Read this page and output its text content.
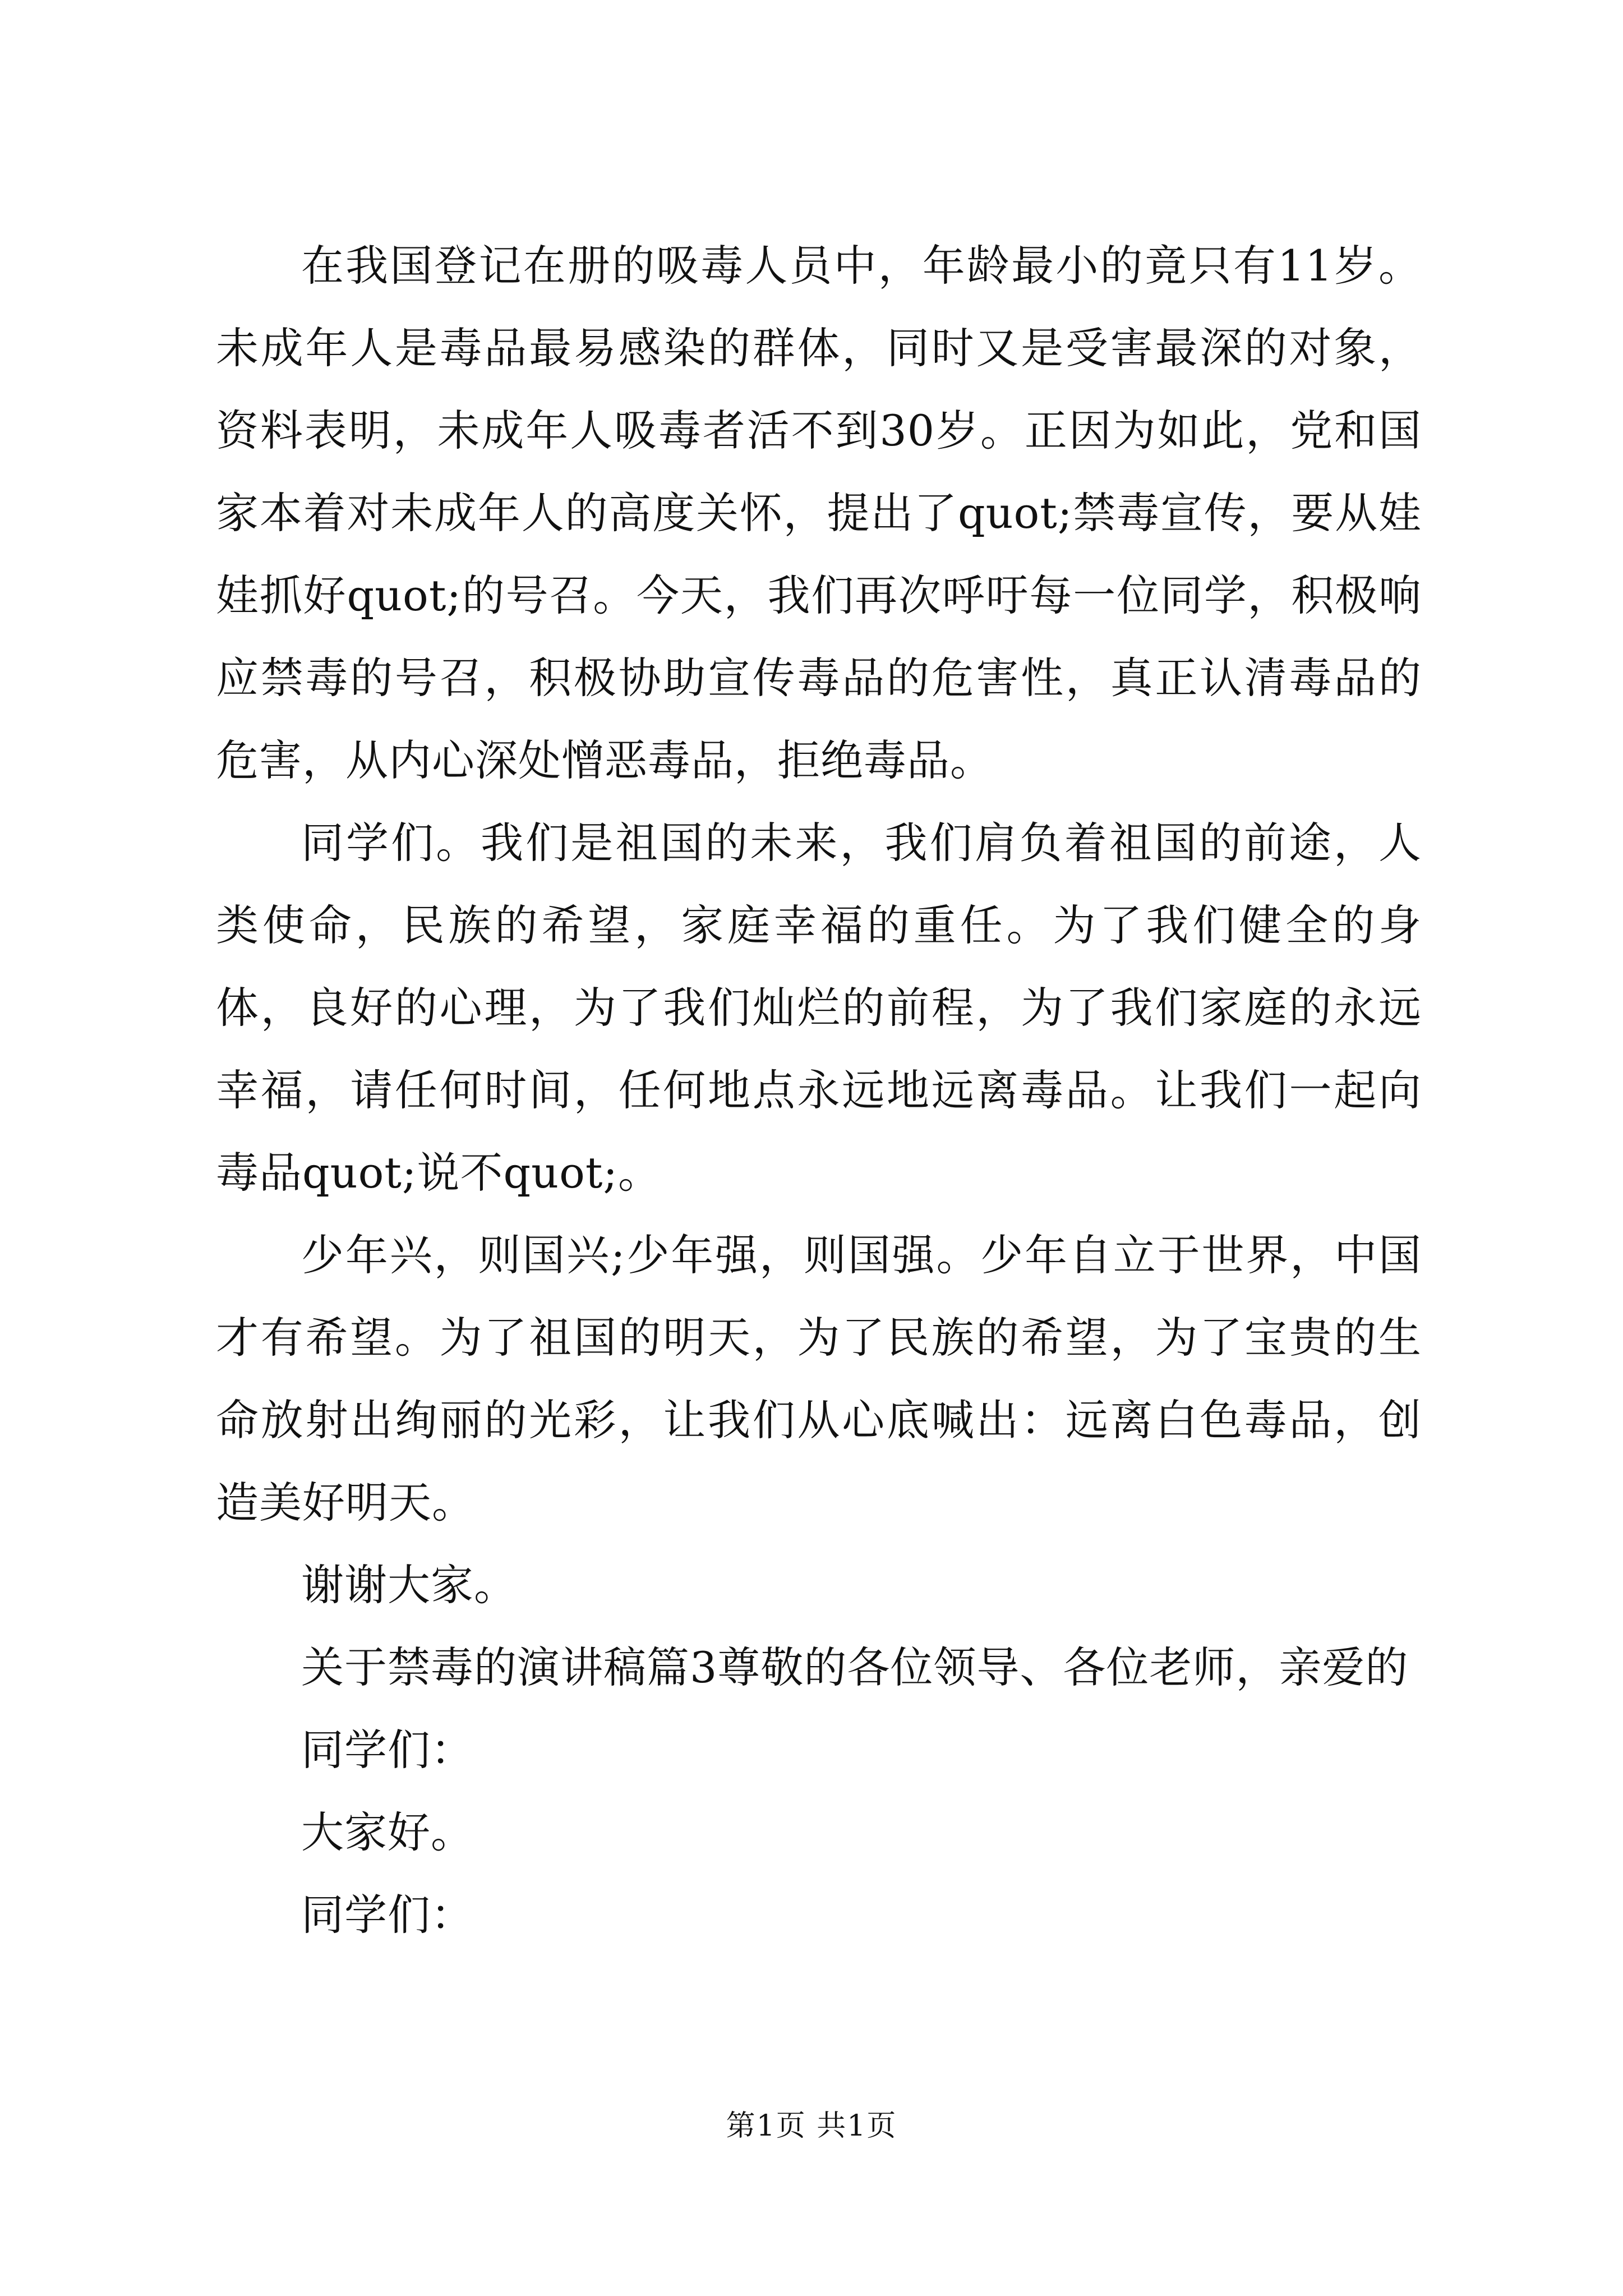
在我国登记在册的吸毒人员中，年龄最小的竟只有11岁。未成年人是毒品最易感染的群体，同时又是受害最深的对象，资料表明，未成年人吸毒者活不到30岁。正因为如此，党和国家本着对未成年人的高度关怀，提出了quot;禁毒宣传，要从娃娃抓好quot;的号召。今天，我们再次呼吁每一位同学，积极响应禁毒的号召，积极协助宣传毒品的危害性，真正认清毒品的危害，从内心深处憎恶毒品，拒绝毒品。

同学们。我们是祖国的未来，我们肩负着祖国的前途，人类使命，民族的希望，家庭幸福的重任。为了我们健全的身体，良好的心理，为了我们灿烂的前程，为了我们家庭的永远幸福，请任何时间，任何地点永远地远离毒品。让我们一起向毒品quot;说不quot;。

少年兴，则国兴;少年强，则国强。少年自立于世界，中国才有希望。为了祖国的明天，为了民族的希望，为了宝贵的生命放射出绚丽的光彩，让我们从心底喊出：远离白色毒品，创造美好明天。

谢谢大家。

关于禁毒的演讲稿篇3尊敬的各位领导、各位老师，亲爱的

同学们：

大家好。

同学们：

第1页 共1页
